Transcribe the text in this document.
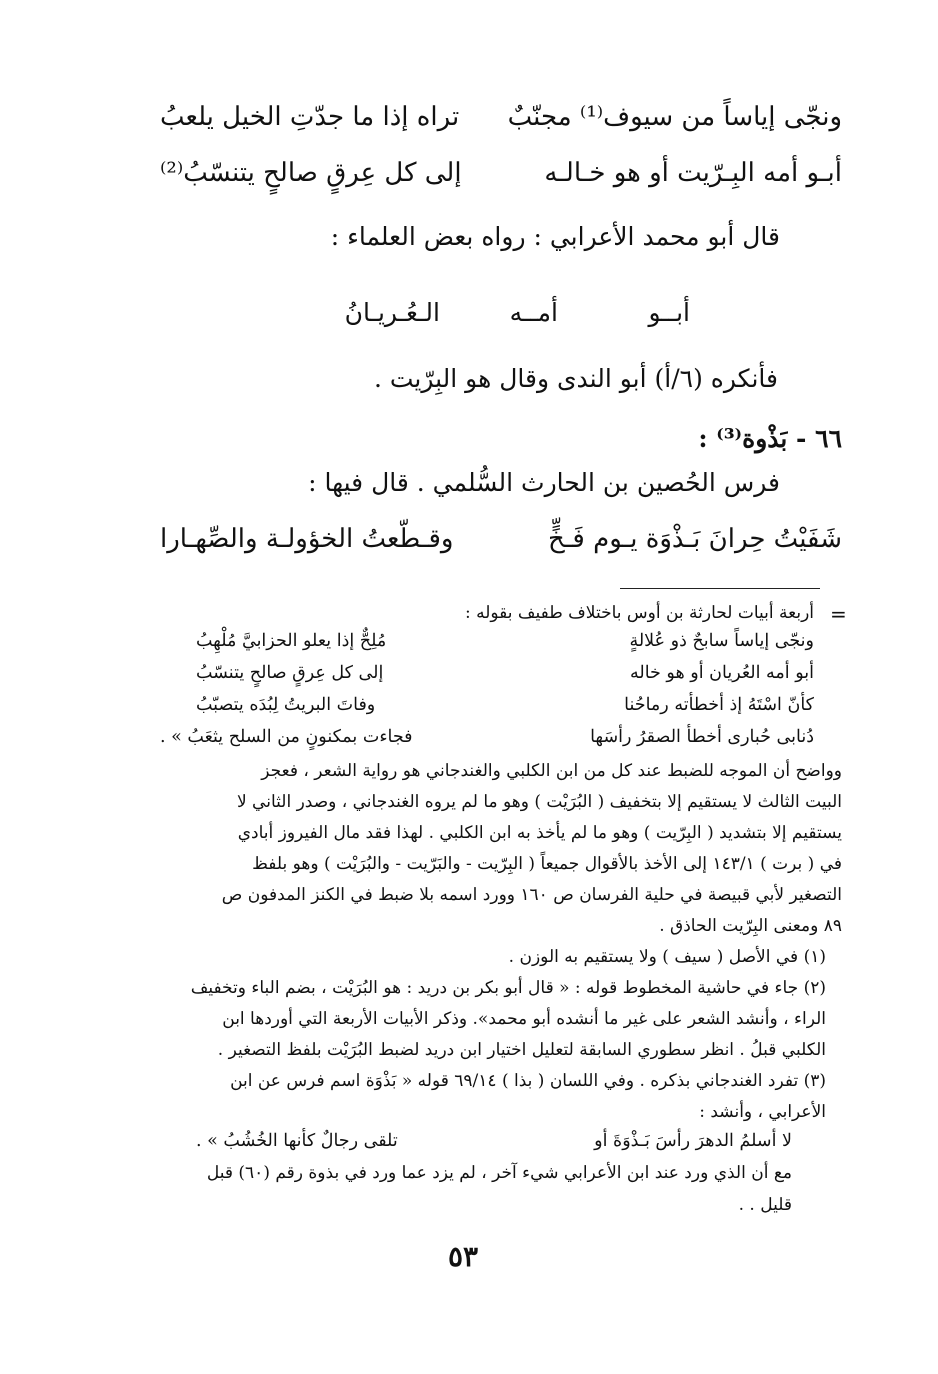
ونجّى إياساً من سيوف⁽¹⁾ مجنّبٌ
تراه إذا ما جدّتِ الخيل يلعبُ
أبـو أمه البِـرّيت أو هو خـالـه
إلى كل عِرقٍ صالحٍ يتنسّبُ⁽²⁾
قال أبو محمد الأعرابي : رواه بعض العلماء :
أبــو
أمــه
الـعُـريـانُ
فأنكره (٦/أ) أبو الندى وقال هو البِرّيت .
٦٦ - بَذْوة⁽³⁾ :
فرس الحُصين بن الحارث السُّلمي . قال فيها :
شَفَيْتُ حِرانَ بَـذْوَة يـوم فَـخٍّ
وقـطّعتُ الخؤولـة والصِّهـارا
=
أربعة أبيات لحارثة بن أوس باختلاف طفيف بقوله :
ونجّى إياساً سابحٌ ذو عُلالةٍ
مُلِحٌّ إذا يعلو الحزابيَّ مُلْهِبُ
أبو أمه العُريان أو هو خاله
إلى كل عِرقٍ صالحٍ يتنسّبُ
كأنّ اسْتَهُ إذ أخطأته رماحُنا
وفاتَ البريتُ لِبُدَه يتصبّبُ
دُنابى حُبارى أخطأ الصقرُ رأسَها
فجاءت بمكنونٍ من السلح يثعَبُ » .
وواضح أن الموجه للضبط عند كل من ابن الكلبي والغندجاني هو رواية الشعر ، فعجز
البيت الثالث لا يستقيم إلا بتخفيف ( البُرَيْت ) وهو ما لم يروه الغندجاني ، وصدر الثاني لا
يستقيم إلا بتشديد ( البِرّيت ) وهو ما لم يأخذ به ابن الكلبي . لهذا فقد مال الفيروز أبادي
في ( برت ) ١٤٣/١ إلى الأخذ بالأقوال جميعاً ( البِرّيت - والبَرّيت - والبُرَيْت ) وهو بلفظ
التصغير لأبي قبيصة في حلية الفرسان ص ١٦٠ وورد اسمه بلا ضبط في الكنز المدفون ص
٨٩ ومعنى البِرّيت الحاذق .
(١) في الأصل ( سيف ) ولا يستقيم به الوزن .
(٢) جاء في حاشية المخطوط قوله : « قال أبو بكر بن دريد : هو البُرَيْت ، بضم الباء وتخفيف
الراء ، وأنشد الشعر على غير ما أنشده أبو محمد». وذكر الأبيات الأربعة التي أوردها ابن
الكلبي قبلُ . انظر سطوري السابقة لتعليل اختيار ابن دريد لضبط البُرَيْت بلفظ التصغير .
(٣) تفرد الغندجاني بذكره . وفي اللسان ( بذا ) ٦٩/١٤ قوله « بَذْوَة اسم فرس عن ابن
الأعرابي ، وأنشد :
لا أسلمُ الدهرَ رأسَ بَـذْوَةَ أو
تلقى رجالٌ كأنها الخُشُبُ » .
مع أن الذي ورد عند ابن الأعرابي شيء آخر ، لم يزد عما ورد في بذوة رقم (٦٠) قبل
قليل . .
٥٣
